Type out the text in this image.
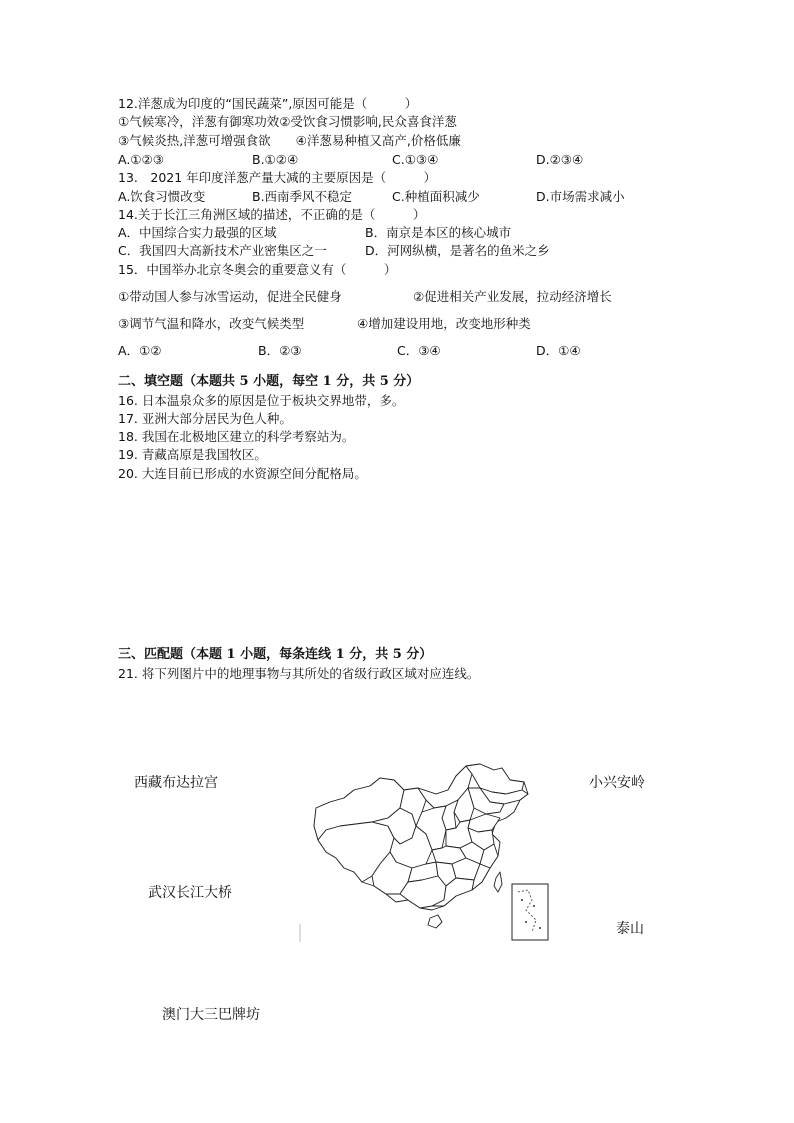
12.洋葱成为印度的“国民蔬菜”,原因可能是（　　　）
①气候寒冷，洋葱有御寒功效②受饮食习惯影响,民众喜食洋葱
③气候炎热,洋葱可增强食欲　　④洋葱易种植又高产,价格低廉
A.①②③	B.①②④	C.①③④	D.②③④
13.　2021 年印度洋葱产量大减的主要原因是（　　　）
A.饮食习惯改变	B.西南季风不稳定	C.种植面积减少	D.市场需求减小
14.关于长江三角洲区域的描述，不正确的是（　　　）
A．中国综合实力最强的区域	B．南京是本区的核心城市
C．我国四大高新技术产业密集区之一	D．河网纵横，是著名的鱼米之乡
15．中国举办北京冬奥会的重要意义有（　　　）
①带动国人参与冰雪运动，促进全民健身	②促进相关产业发展，拉动经济增长
③调节气温和降水，改变气候类型	④增加建设用地，改变地形种类
A．①②	B．②③	C．③④	D．①④
二、填空题（本题共 5 小题，每空 1 分，共 5 分）
16. 日本温泉众多的原因是位于板块交界地带，多。
17. 亚洲大部分居民为色人种。
18. 我国在北极地区建立的科学考察站为。
19. 青藏高原是我国牧区。
20. 大连目前已形成的水资源空间分配格局。
三、匹配题（本题 1 小题，每条连线 1 分，共 5 分）
21. 将下列图片中的地理事物与其所处的省级行政区域对应连线。
西藏布达拉宫	小兴安岭
武汉长江大桥
泰山
澳门大三巴牌坊
